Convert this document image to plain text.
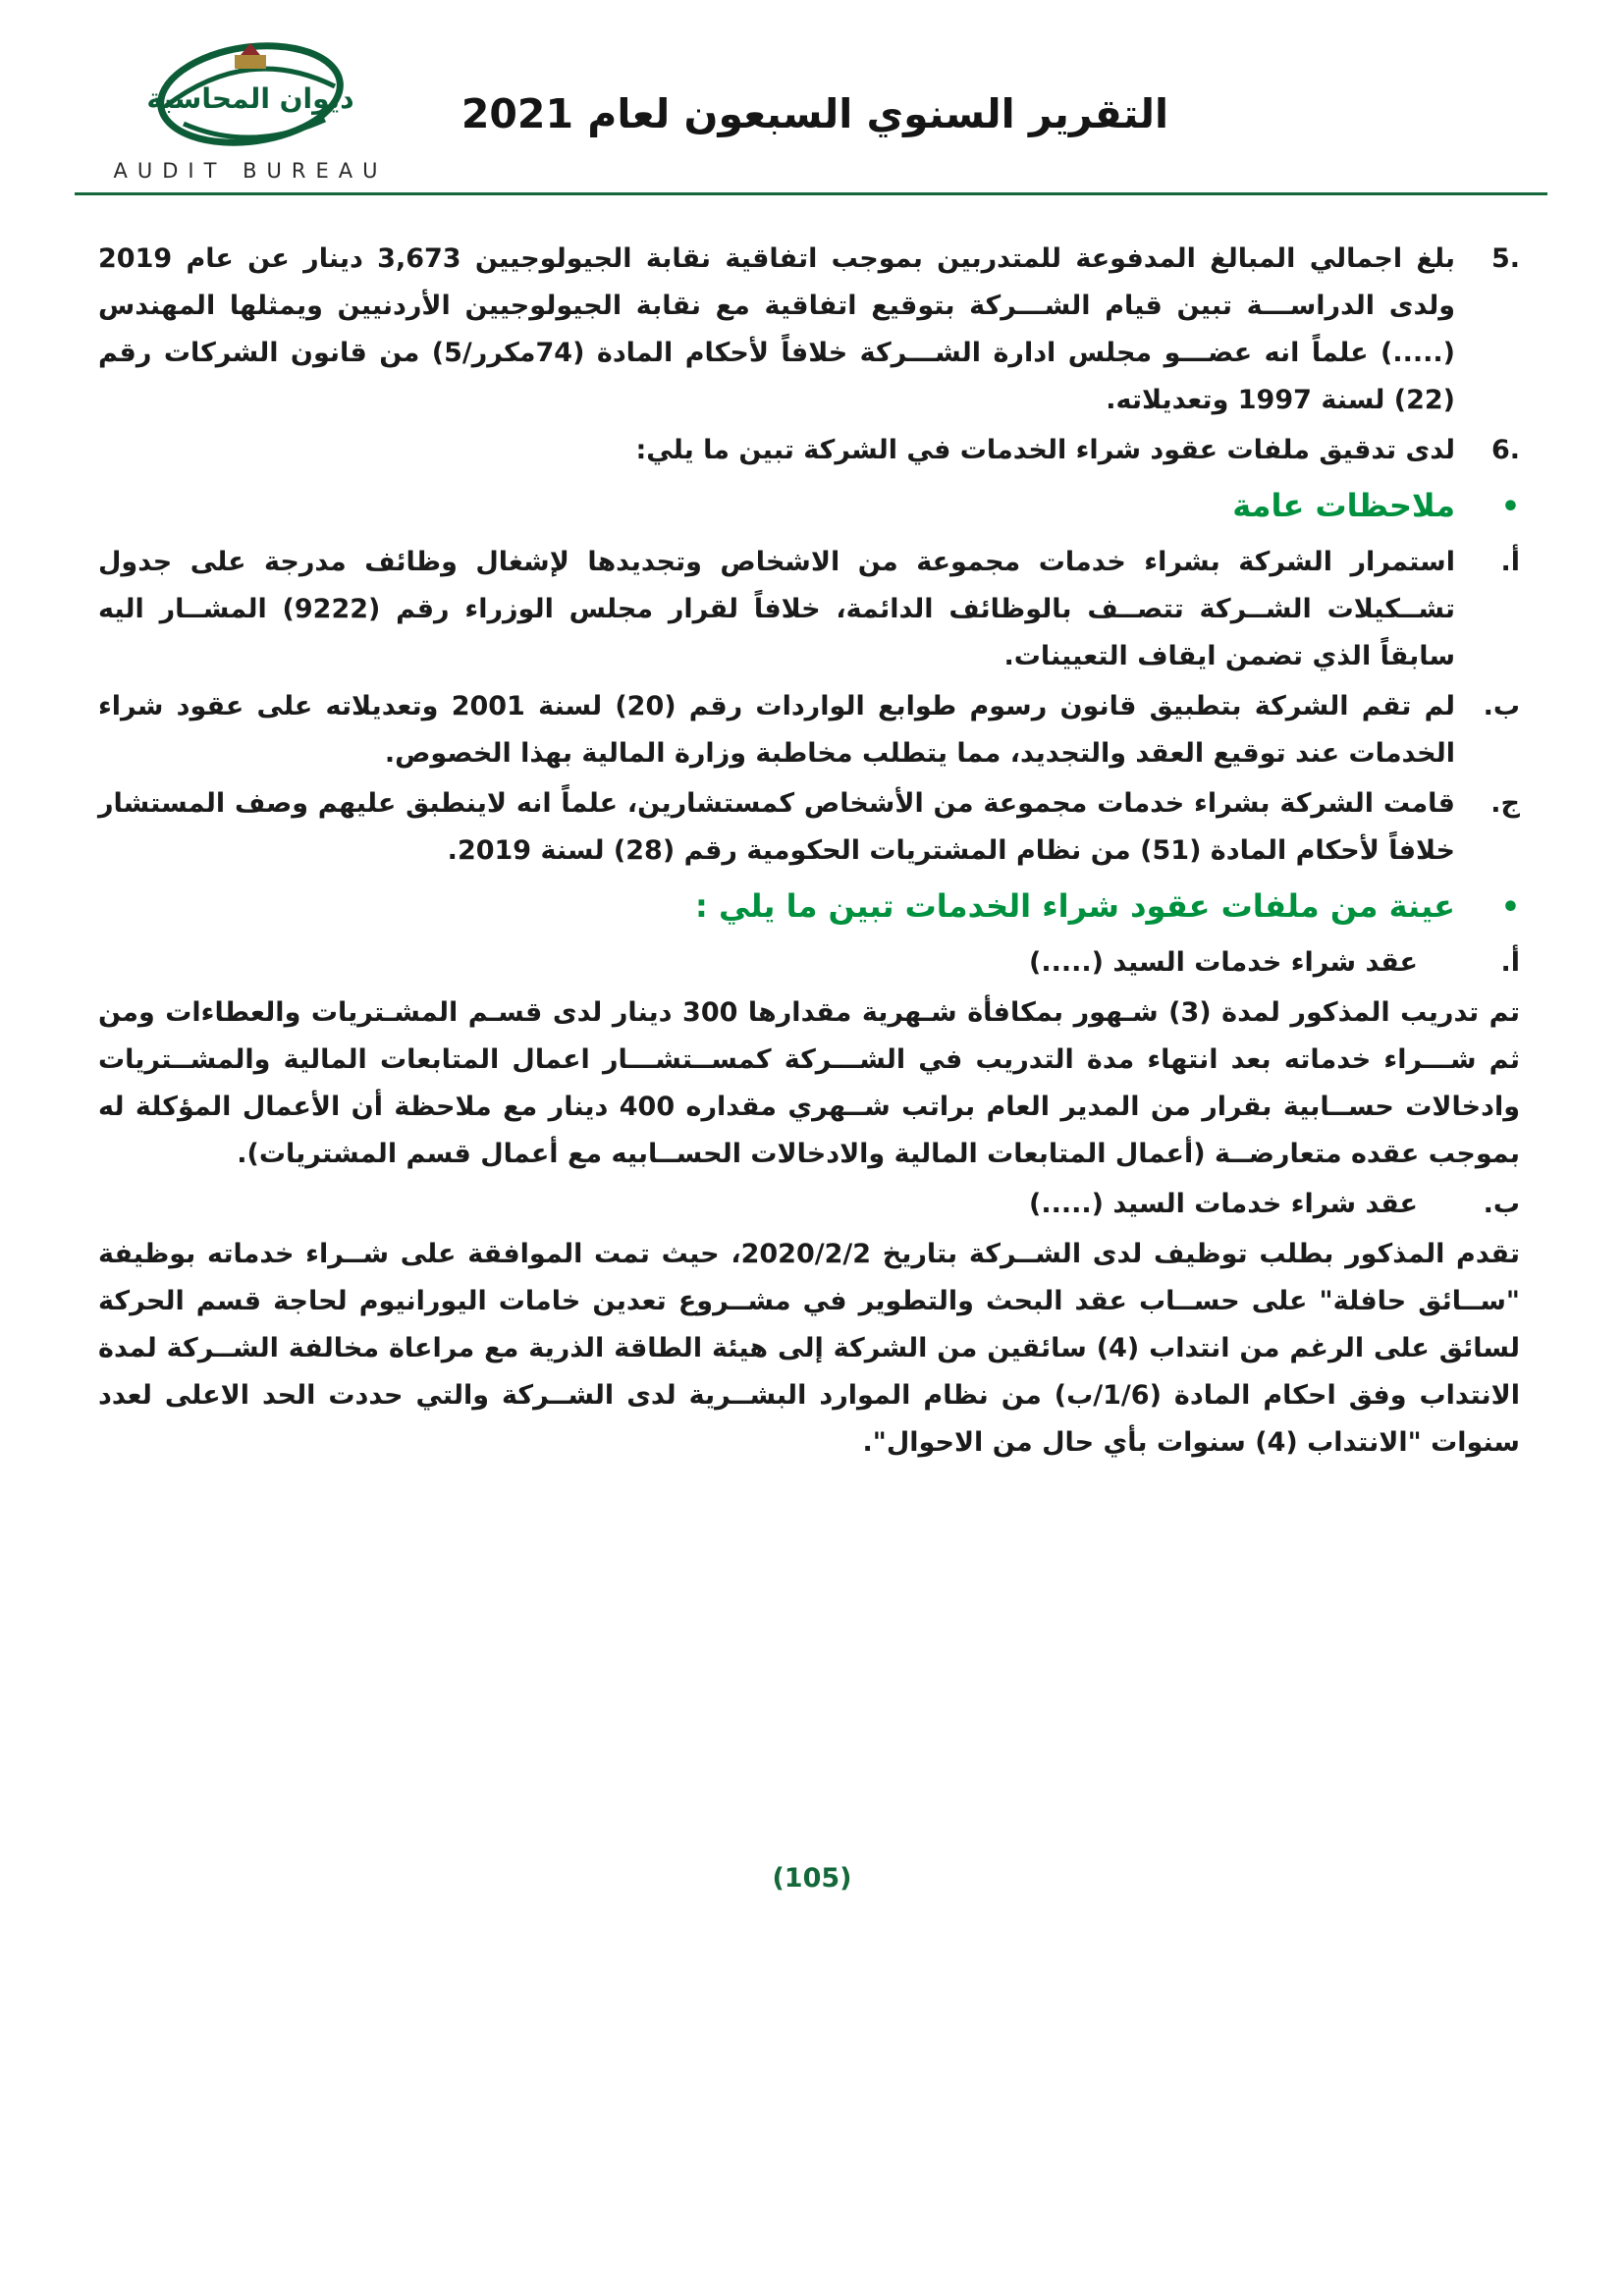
ديوان المحاسبة
AUDIT BUREAU
التقرير السنوي السبعون لعام 2021
5.
بلغ اجمالي المبالغ المدفوعة للمتدربين بموجب اتفاقية نقابة الجيولوجيين 3,673 دينار عن عام 2019 ولدى الدراســـة تبين قيام الشـــركة بتوقيع اتفاقية مع نقابة الجيولوجيين الأردنيين ويمثلها المهندس (.....) علماً انه عضـــو مجلس ادارة الشـــركة خلافاً لأحكام المادة (74مكرر/5) من قانون الشركات رقم (22) لسنة 1997 وتعديلاته.
6.
لدى تدقيق ملفات عقود شراء الخدمات في الشركة تبين ما يلي:
•
ملاحظات عامة
أ.
استمرار الشركة بشراء خدمات مجموعة من الاشخاص وتجديدها لإشغال وظائف مدرجة على جدول تشــكيلات الشــركة تتصــف بالوظائف الدائمة، خلافاً لقرار مجلس الوزراء رقم (9222) المشــار اليه سابقاً الذي تضمن ايقاف التعيينات.
ب.
لم تقم الشركة بتطبيق قانون رسوم طوابع الواردات رقم (20) لسنة 2001 وتعديلاته على عقود شراء الخدمات عند توقيع العقد والتجديد، مما يتطلب مخاطبة وزارة المالية بهذا الخصوص.
ج.
قامت الشركة بشراء خدمات مجموعة من الأشخاص كمستشارين، علماً انه لاينطبق عليهم وصف المستشار خلافاً لأحكام المادة (51) من نظام المشتريات الحكومية رقم (28) لسنة 2019.
•
عينة من ملفات عقود شراء الخدمات تبين ما يلي :
أ.
عقد شراء خدمات السيد (.....)
تم تدريب المذكور لمدة (3) شـهور بمكافأة شـهرية مقدارها 300 دينار لدى قسـم المشـتريات والعطاءات ومن ثم شـــراء خدماته بعد انتهاء مدة التدريب في الشـــركة كمســتشـــار اعمال المتابعات المالية والمشــتريات وادخالات حســابية بقرار من المدير العام براتب شــهري مقداره 400 دينار مع ملاحظة أن الأعمال المؤكلة له بموجب عقده متعارضــة (أعمال المتابعات المالية والادخالات الحســابيه مع أعمال قسم المشتريات).
ب.
عقد شراء خدمات السيد (.....)
تقدم المذكور بطلب توظيف لدى الشــركة بتاريخ 2020/2/2، حيث تمت الموافقة على شــراء خدماته بوظيفة "ســائق حافلة" على حســاب عقد البحث والتطوير في مشــروع تعدين خامات اليورانيوم لحاجة قسم الحركة لسائق على الرغم من انتداب (4) سائقين من الشركة إلى هيئة الطاقة الذرية مع مراعاة مخالفة الشــركة لمدة الانتداب وفق احكام المادة (1/6/ب) من نظام الموارد البشــرية لدى الشــركة والتي حددت الحد الاعلى لعدد سنوات "الانتداب (4) سنوات بأي حال من الاحوال".
(105)
